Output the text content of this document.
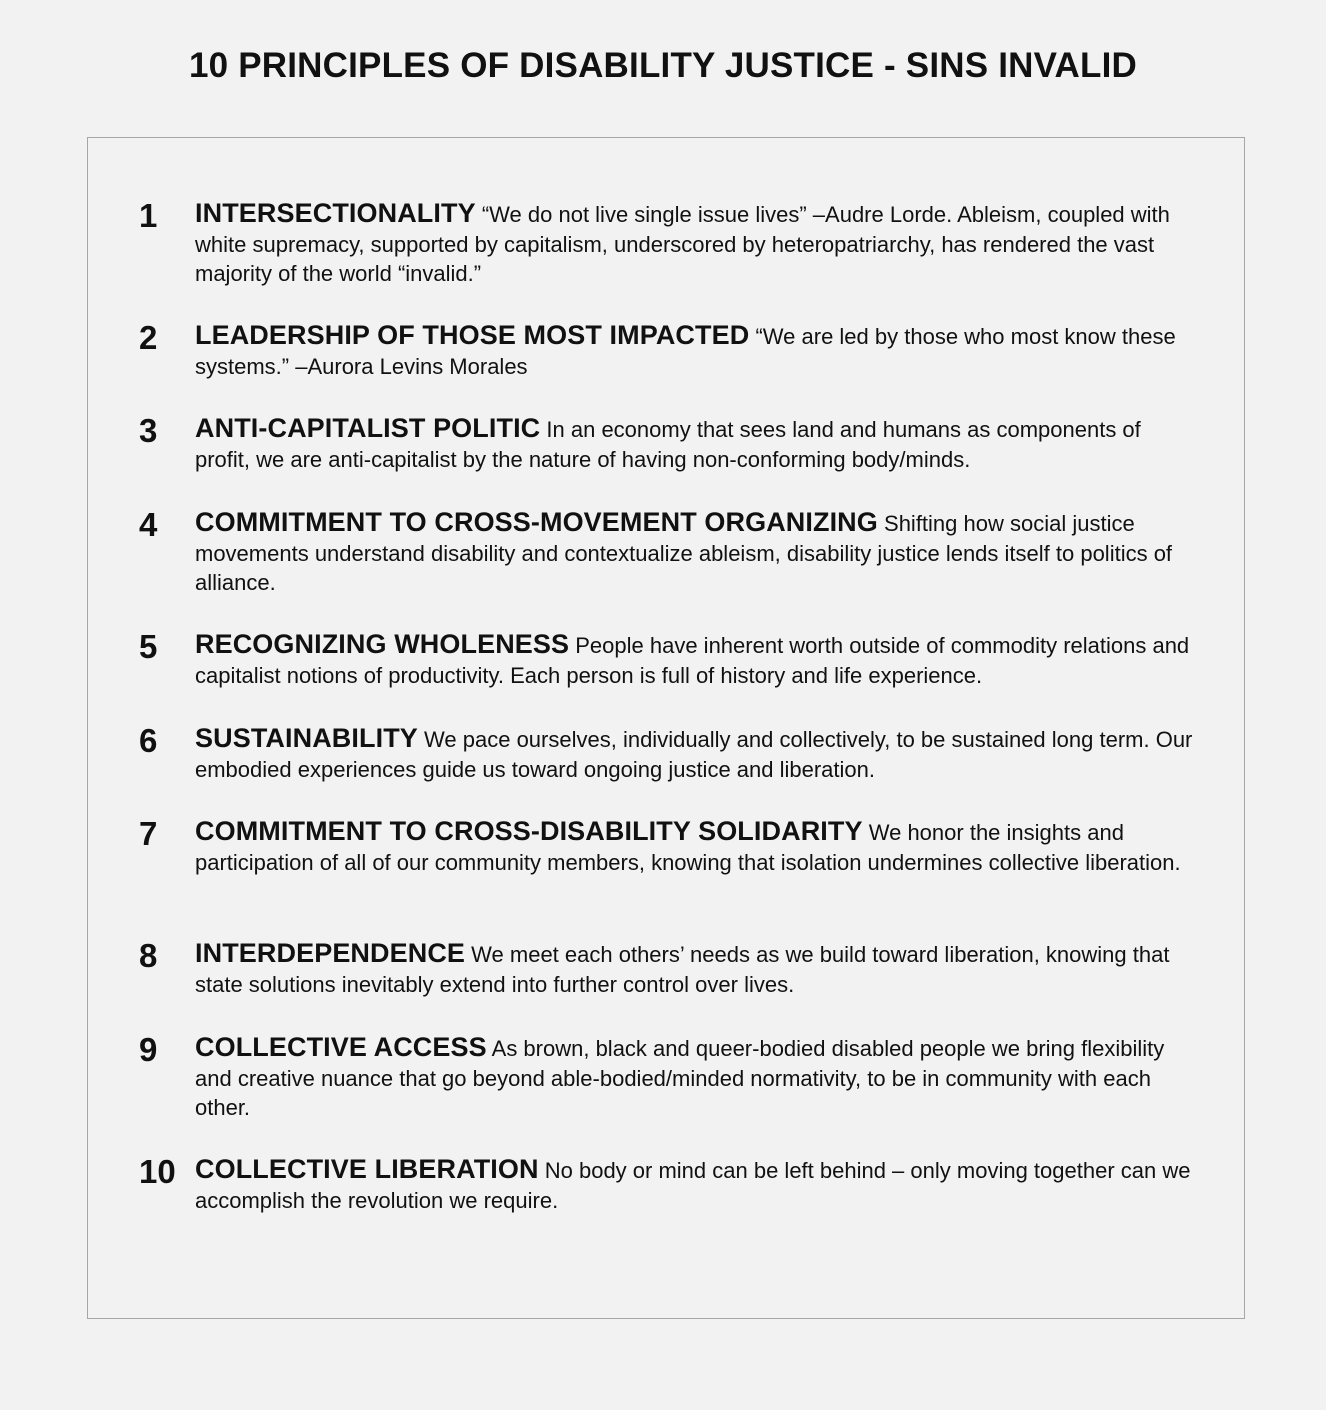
10 PRINCIPLES OF DISABILITY JUSTICE - SINS INVALID
1 INTERSECTIONALITY “We do not live single issue lives” –Audre Lorde. Ableism, coupled with white supremacy, supported by capitalism, underscored by heteropatriarchy, has rendered the vast majority of the world “invalid.”

2 LEADERSHIP OF THOSE MOST IMPACTED “We are led by those who most know these systems.” –Aurora Levins Morales

3 ANTI-CAPITALIST POLITIC In an economy that sees land and humans as components of profit, we are anti-capitalist by the nature of having non-conforming body/minds.

4 COMMITMENT TO CROSS-MOVEMENT ORGANIZING Shifting how social justice movements understand disability and contextualize ableism, disability justice lends itself to politics of alliance.

5 RECOGNIZING WHOLENESS People have inherent worth outside of commodity relations and capitalist notions of productivity. Each person is full of history and life experience.

6 SUSTAINABILITY We pace ourselves, individually and collectively, to be sustained long term. Our embodied experiences guide us toward ongoing justice and liberation.

7 COMMITMENT TO CROSS-DISABILITY SOLIDARITY We honor the insights and participation of all of our community members, knowing that isolation undermines collective liberation.

8 INTERDEPENDENCE We meet each others’ needs as we build toward liberation, knowing that state solutions inevitably extend into further control over lives.

9 COLLECTIVE ACCESS As brown, black and queer-bodied disabled people we bring flexibility and creative nuance that go beyond able-bodied/minded normativity, to be in community with each other.

10 COLLECTIVE LIBERATION No body or mind can be left behind – only moving together can we accomplish the revolution we require.
